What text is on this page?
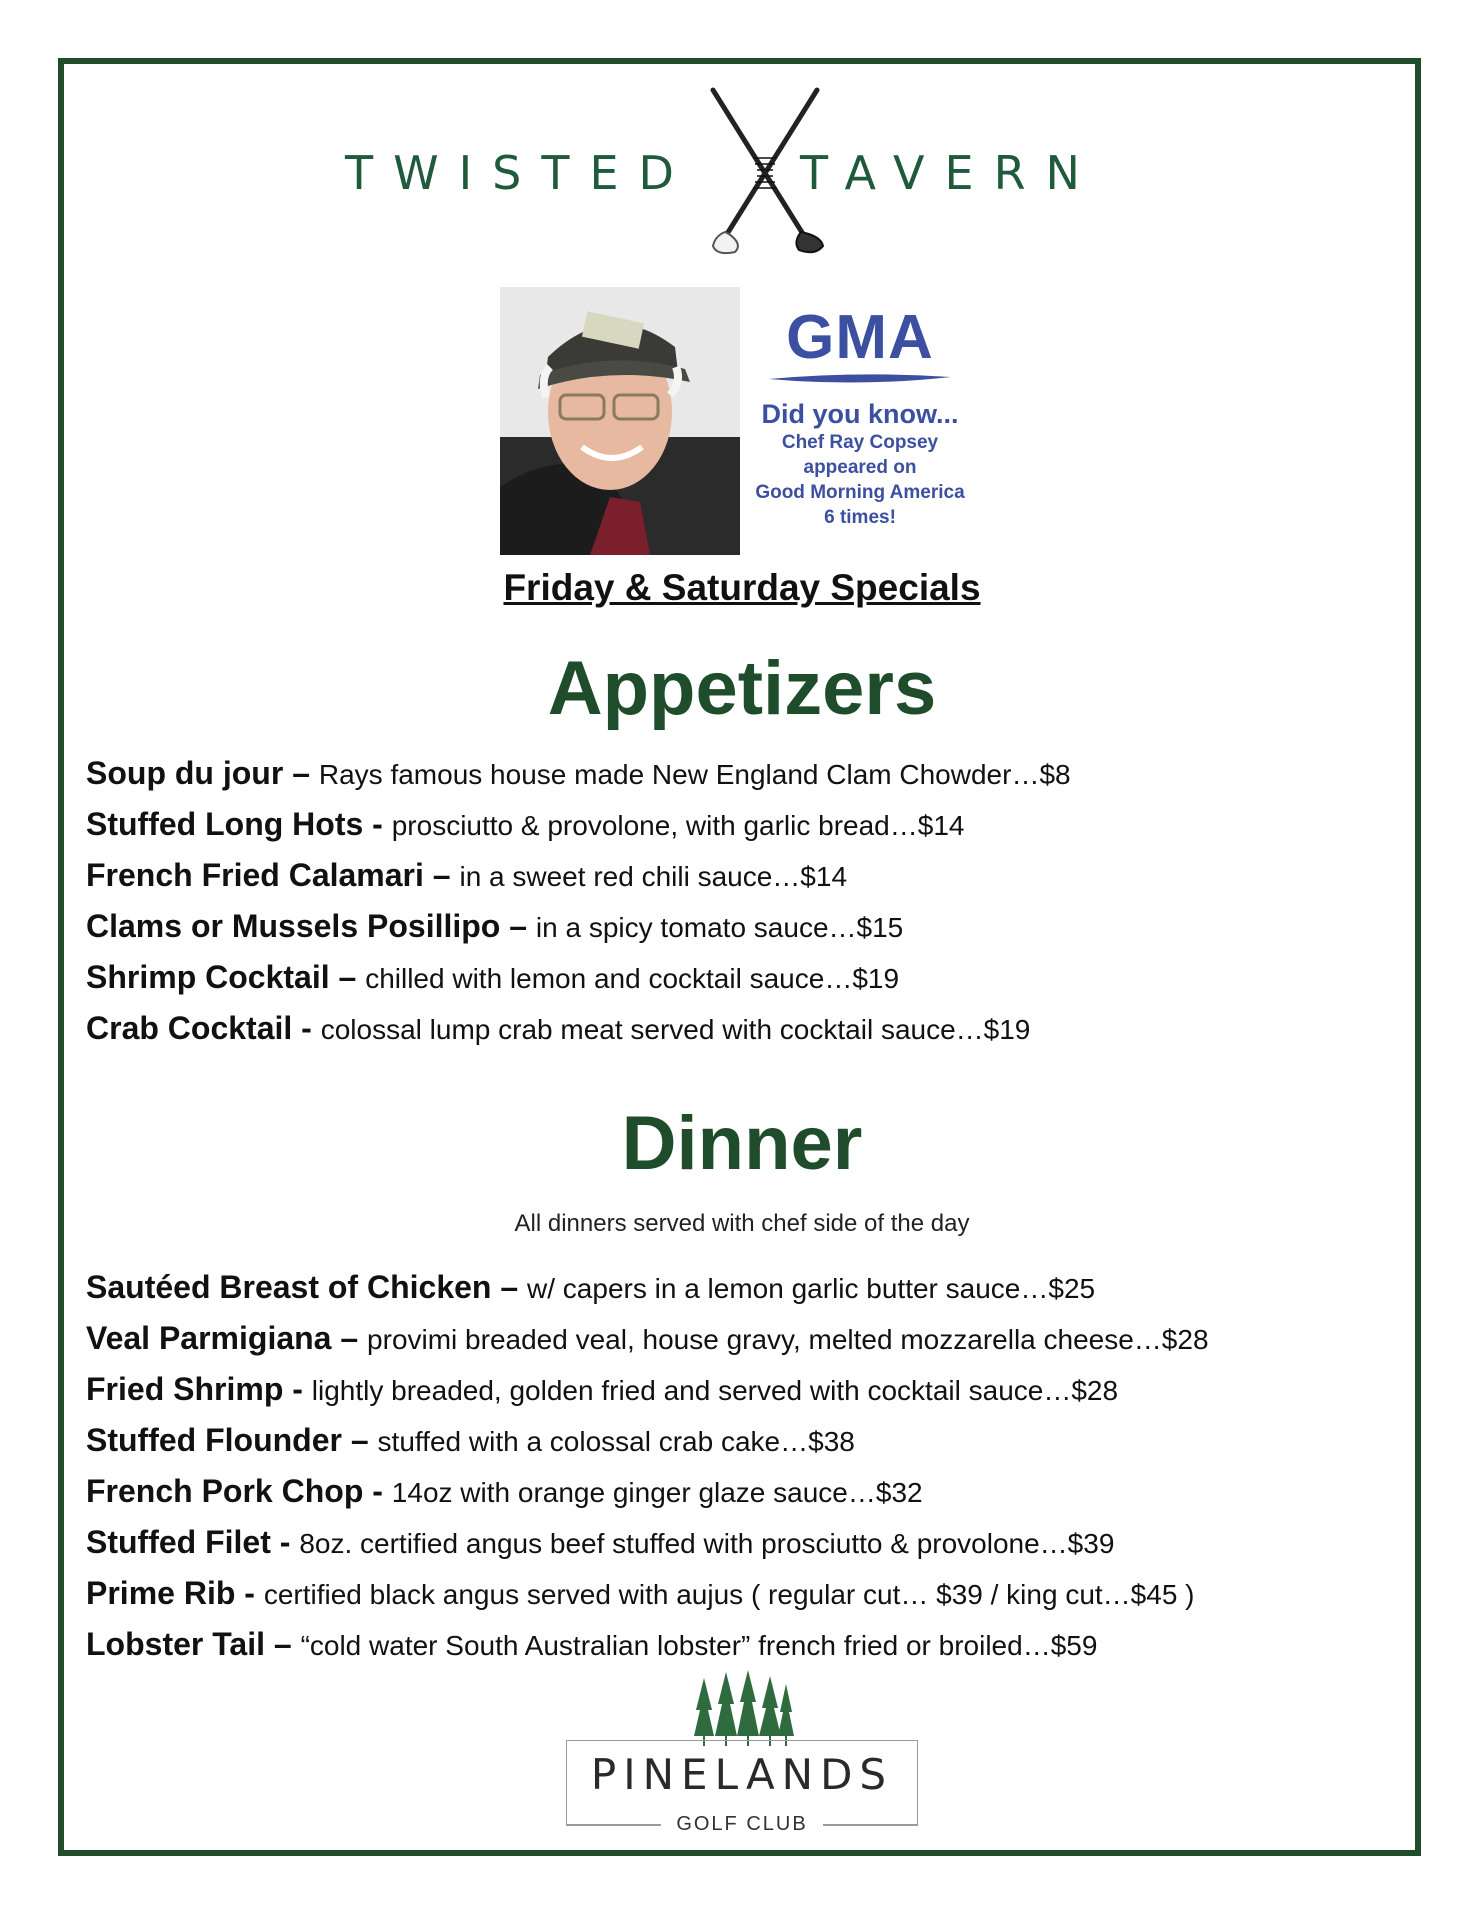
TWISTED TAVERN
GMA
Did you know...
Chef Ray Copsey
appeared on
Good Morning America
6 times!
Friday & Saturday Specials
Appetizers
Soup du jour – Rays famous house made New England Clam Chowder…$8
Stuffed Long Hots - prosciutto & provolone, with garlic bread…$14
French Fried Calamari – in a sweet red chili sauce…$14
Clams or Mussels Posillipo – in a spicy tomato sauce…$15
Shrimp Cocktail – chilled with lemon and cocktail sauce…$19
Crab Cocktail - colossal lump crab meat served with cocktail sauce…$19
Dinner
All dinners served with chef side of the day
Sautéed Breast of Chicken – w/ capers in a lemon garlic butter sauce…$25
Veal Parmigiana – provimi breaded veal, house gravy, melted mozzarella cheese…$28
Fried Shrimp - lightly breaded, golden fried and served with cocktail sauce…$28
Stuffed Flounder – stuffed with a colossal crab cake…$38
French Pork Chop - 14oz with orange ginger glaze sauce…$32
Stuffed Filet - 8oz. certified angus beef stuffed with prosciutto & provolone…$39
Prime Rib - certified black angus served with aujus ( regular cut… $39 / king cut…$45 )
Lobster Tail – “cold water South Australian lobster” french fried or broiled…$59
PINELANDS
GOLF CLUB
